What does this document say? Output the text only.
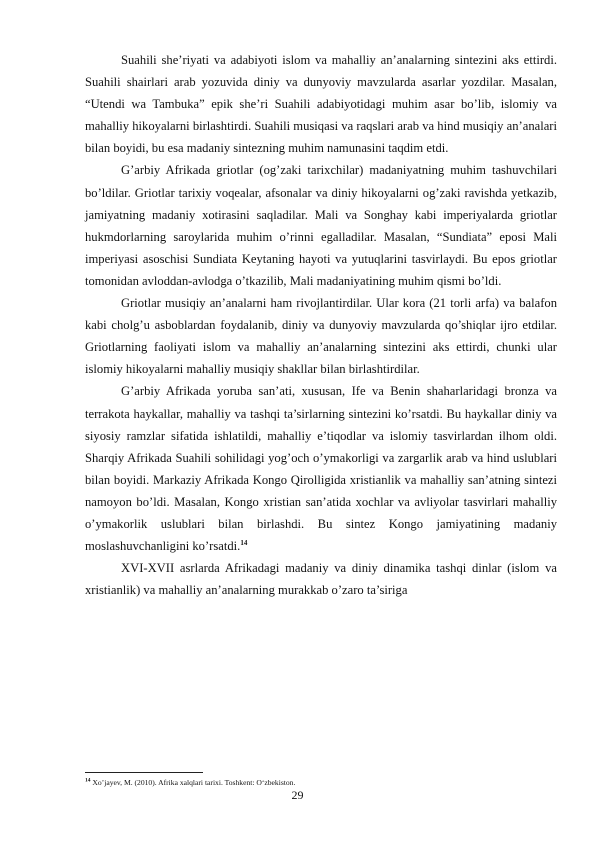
Suahili she’riyati va adabiyoti islom va mahalliy an’analarning sintezini aks ettirdi. Suahili shairlari arab yozuvida diniy va dunyoviy mavzularda asarlar yozdilar. Masalan, “Utendi wa Tambuka” epik she’ri Suahili adabiyotidagi muhim asar bo’lib, islomiy va mahalliy hikoyalarni birlashtirdi. Suahili musiqasi va raqslari arab va hind musiqiy an’analari bilan boyidi, bu esa madaniy sintezning muhim namunasini taqdim etdi.

G’arbiy Afrikada griotlar (og’zaki tarixchilar) madaniyatning muhim tashuvchilari bo’ldilar. Griotlar tarixiy voqealar, afsonalar va diniy hikoyalarni og’zaki ravishda yetkazib, jamiyatning madaniy xotirasini saqladilar. Mali va Songhay kabi imperiyalarda griotlar hukmdorlarning saroylarida muhim o’rinni egalladilar. Masalan, “Sundiata” eposi Mali imperiyasi asoschisi Sundiata Keytaning hayoti va yutuqlarini tasvirlaydi. Bu epos griotlar tomonidan avloddan-avlodga o’tkazilib, Mali madaniyatining muhim qismi bo’ldi.

Griotlar musiqiy an’analarni ham rivojlantirdilar. Ular kora (21 torli arfa) va balafon kabi cholg’u asboblardan foydalanib, diniy va dunyoviy mavzularda qo’shiqlar ijro etdilar. Griotlarning faoliyati islom va mahalliy an’analarning sintezini aks ettirdi, chunki ular islomiy hikoyalarni mahalliy musiqiy shakllar bilan birlashtirdilar.

G’arbiy Afrikada yoruba san’ati, xususan, Ife va Benin shaharlaridagi bronza va terrakota haykallar, mahalliy va tashqi ta’sirlarning sintezini ko’rsatdi. Bu haykallar diniy va siyosiy ramzlar sifatida ishlatildi, mahalliy e’tiqodlar va islomiy tasvirlardan ilhom oldi. Sharqiy Afrikada Suahili sohilidagi yog’och o’ymakorligi va zargarlik arab va hind uslublari bilan boyidi. Markaziy Afrikada Kongo Qirolligida xristianlik va mahalliy san’atning sintezi namoyon bo’ldi. Masalan, Kongo xristian san’atida xochlar va avliyolar tasvirlari mahalliy o’ymakorlik uslublari bilan birlashdi. Bu sintez Kongo jamiyatining madaniy moslashuvchanligini ko’rsatdi.$^{14}$

XVI-XVII asrlarda Afrikadagi madaniy va diniy dinamika tashqi dinlar (islom va xristianlik) va mahalliy an’analarning murakkab o’zaro ta’siriga

$^{14}$ Xo’jayev, M. (2010). Afrika xalqlari tarixi. Toshkent: O‘zbekiston.
29
